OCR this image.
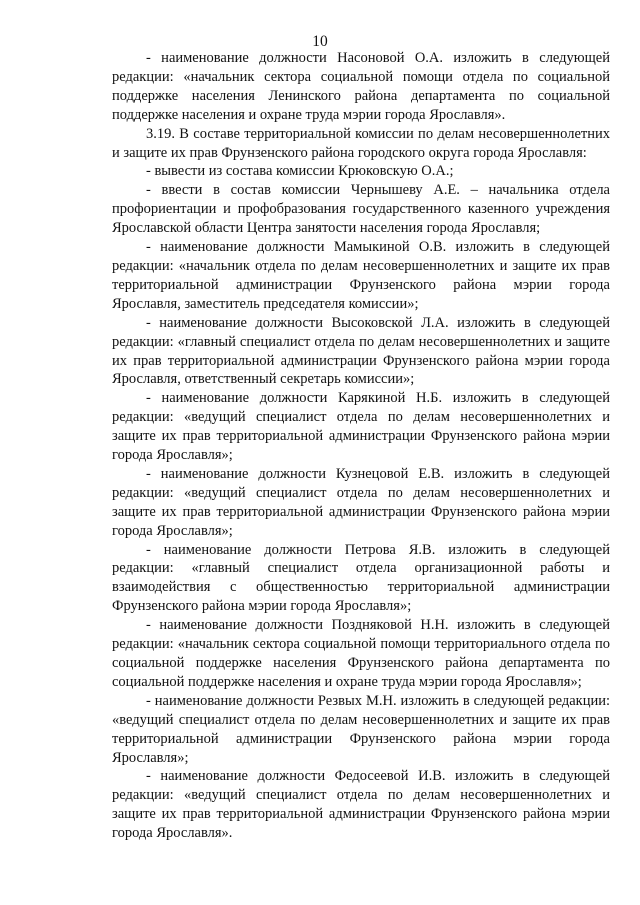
10

- наименование должности Насоновой О.А. изложить в следующей редакции: «начальник сектора социальной помощи отдела по социальной поддержке населения Ленинского района департамента по социальной поддержке населения и охране труда мэрии города Ярославля».

3.19. В составе территориальной комиссии по делам несовершеннолетних и защите их прав Фрунзенского района городского округа города Ярославля:

- вывести из состава комиссии Крюковскую О.А.;

- ввести в состав комиссии Чернышеву А.Е. – начальника отдела профориентации и профобразования государственного казенного учреждения Ярославской области Центра занятости населения города Ярославля;

- наименование должности Мамыкиной О.В. изложить в следующей редакции: «начальник отдела по делам несовершеннолетних и защите их прав территориальной администрации Фрунзенского района мэрии города Ярославля, заместитель председателя комиссии»;

- наименование должности Высоковской Л.А. изложить в следующей редакции: «главный специалист отдела по делам несовершеннолетних и защите их прав территориальной администрации Фрунзенского района мэрии города Ярославля, ответственный секретарь комиссии»;

- наименование должности Карякиной Н.Б. изложить в следующей редакции: «ведущий специалист отдела по делам несовершеннолетних и защите их прав территориальной администрации Фрунзенского района мэрии города Ярославля»;

- наименование должности Кузнецовой Е.В. изложить в следующей редакции: «ведущий специалист отдела по делам несовершеннолетних и защите их прав территориальной администрации Фрунзенского района мэрии города Ярославля»;

- наименование должности Петрова Я.В. изложить в следующей редакции: «главный специалист отдела организационной работы и взаимодействия с общественностью территориальной администрации Фрунзенского района мэрии города Ярославля»;

- наименование должности Поздняковой Н.Н. изложить в следующей редакции: «начальник сектора социальной помощи территориального отдела по социальной поддержке населения Фрунзенского района департамента по социальной поддержке населения и охране труда мэрии города Ярославля»;

- наименование должности Резвых М.Н. изложить в следующей редакции: «ведущий специалист отдела по делам несовершеннолетних и защите их прав территориальной администрации Фрунзенского района мэрии города Ярославля»;

- наименование должности Федосеевой И.В. изложить в следующей редакции: «ведущий специалист отдела по делам несовершеннолетних и защите их прав территориальной администрации Фрунзенского района мэрии города Ярославля».
